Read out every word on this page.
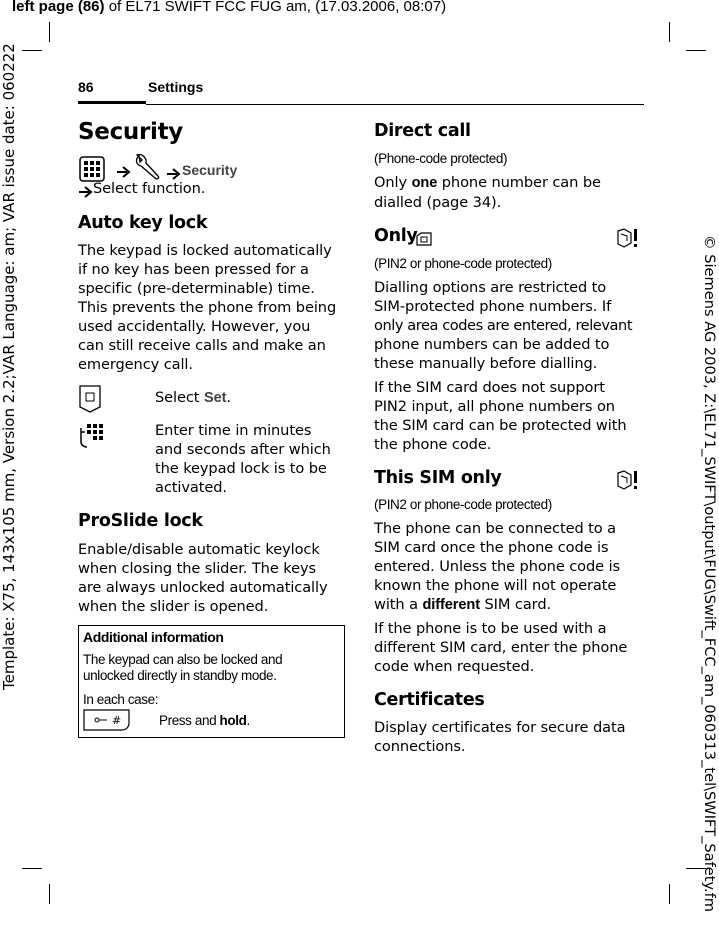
left page (86) of EL71 SWIFT FCC FUG am, (17.03.2006, 08:07)
Template: X75, 143x105 mm, Version 2.2;VAR Language: am; VAR issue date: 060222	© Siemens AG 2003, Z:\EL71_SWIFT\output\FUG\Swift_FCC_am_060313_tel\SWIFT_Safety.fm
86	Settings
Security
Security
Select function.
Auto key lock

The keypad is locked automatically

if no key has been pressed for a

specific (pre-determinable) time.

This prevents the phone from being

used accidentally. However, you

can still receive calls and make an

emergency call.

Select Set.

Enter time in minutes

and seconds after which

the keypad lock is to be

activated.

ProSlide lock

Enable/disable automatic keylock

when closing the slider. The keys

are always unlocked automatically

when the slider is opened.

Additional information

The keypad can also be locked and

unlocked directly in standby mode.

In each case:
#	Press and hold.
Direct call
(Phone-code protected)

Only one phone number can be

dialled (page 34).

Only
(PIN2 or phone-code protected)

Dialling options are restricted to

SIM-protected phone numbers. If

only area codes are entered, relevant

phone numbers can be added to

these manually before dialling.

If the SIM card does not support

PIN2 input, all phone numbers on

the SIM card can be protected with

the phone code.

This SIM only
(PIN2 or phone-code protected)

The phone can be connected to a

SIM card once the phone code is

entered. Unless the phone code is

known the phone will not operate

with a different SIM card.

If the phone is to be used with a

different SIM card, enter the phone

code when requested.

Certificates

Display certificates for secure data

connections.
